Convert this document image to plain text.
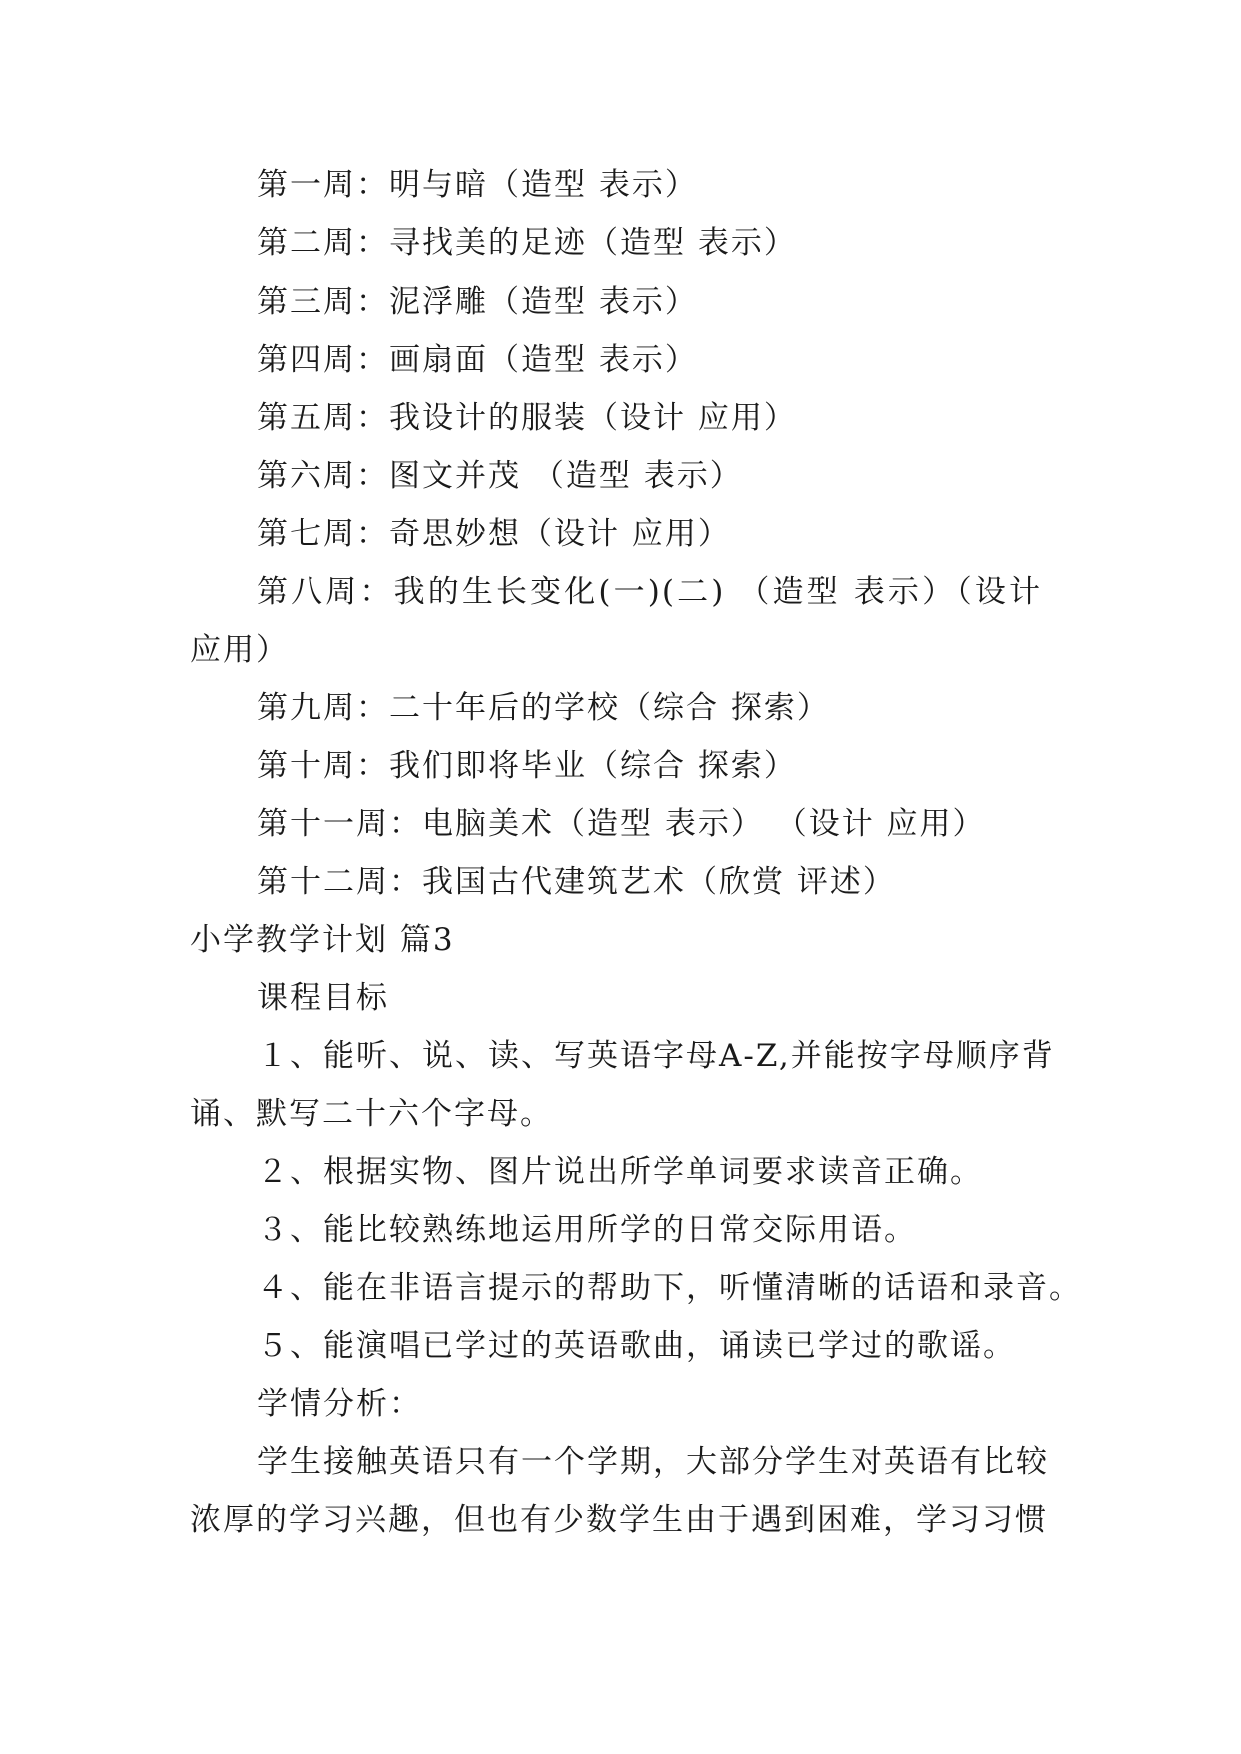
第一周：明与暗（造型 表示）
第二周：寻找美的足迹（造型 表示）
第三周：泥浮雕（造型 表示）
第四周：画扇面（造型 表示）
第五周：我设计的服装（设计 应用）
第六周：图文并茂 （造型 表示）
第七周：奇思妙想（设计 应用）
第八周：我的生长变化(一)(二) （造型 表示）（设计
应用）
第九周：二十年后的学校（综合 探索）
第十周：我们即将毕业（综合 探索）
第十一周：电脑美术（造型 表示） （设计 应用）
第十二周：我国古代建筑艺术（欣赏 评述）
小学教学计划 篇3
课程目标
１、能听、说、读、写英语字母A-Z,并能按字母顺序背
诵、默写二十六个字母。
２、根据实物、图片说出所学单词要求读音正确。
３、能比较熟练地运用所学的日常交际用语。
４、能在非语言提示的帮助下，听懂清晰的话语和录音。
５、能演唱已学过的英语歌曲，诵读已学过的歌谣。
学情分析：
学生接触英语只有一个学期，大部分学生对英语有比较
浓厚的学习兴趣，但也有少数学生由于遇到困难，学习习惯
